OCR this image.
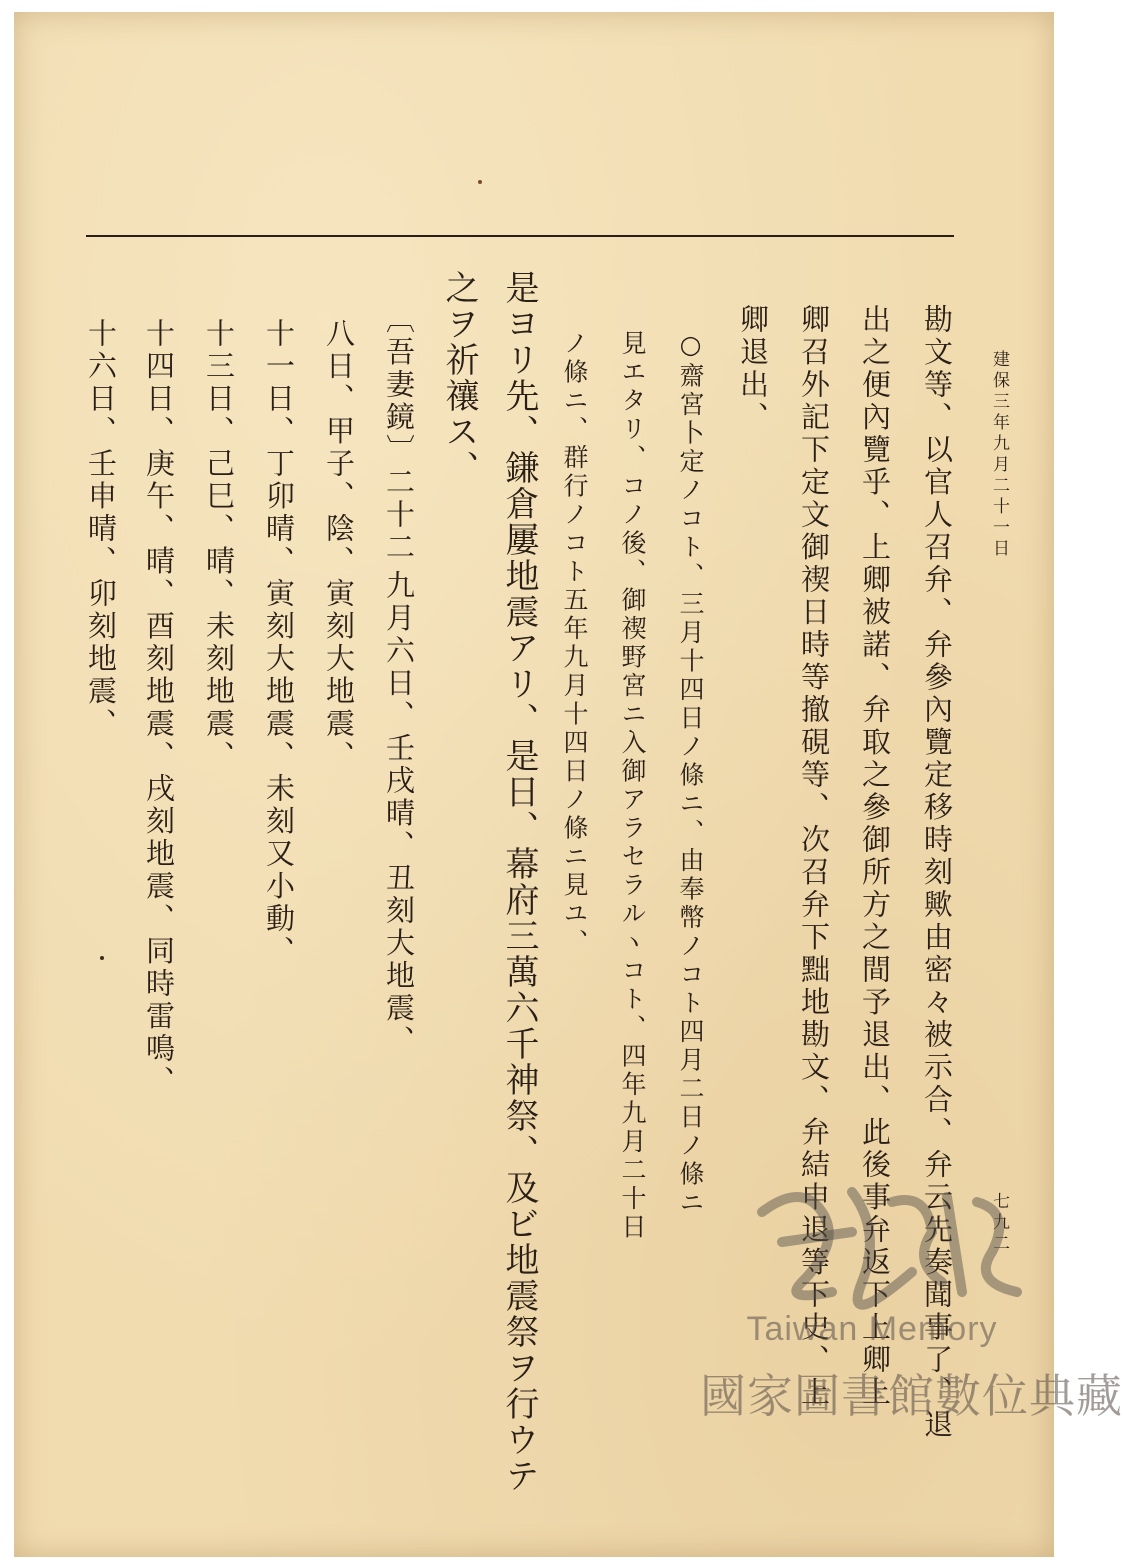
建保三年九月二十一日
七九二
勘文等、以官人召弁、弁參內覽定移時刻歟由密々被示合、弁云先奏聞事了、退
出之便內覽乎、上卿被諾、弁取之參御所方之間予退出、此後事弁返下上卿上
卿召外記下定文御禊日時等撤硯等、次召弁下黜地勘文、弁結申退等下史、上
卿退出、
○齋宮卜定ノコト、三月十四日ノ條ニ、由奉幣ノコト四月二日ノ條ニ
見エタリ、コノ後、御禊野宮ニ入御アラセラルヽコト、四年九月二十日
ノ條ニ、群行ノコト五年九月十四日ノ條ニ見ユ、
是ヨリ先、鎌倉屢地震アリ、是日、幕府三萬六千神祭、及ビ地震祭ヲ行ウテ
之ヲ祈禳ス、
〔吾妻鏡〕二十二
九月六日、壬戌晴、丑刻大地震、
八日、甲子、陰、寅刻大地震、
十一日、丁卯晴、寅刻大地震、未刻又小動、
十三日、己巳、晴、未刻地震、
十四日、庚午、晴、酉刻地震、戌刻地震、同時雷鳴、
十六日、壬申晴、卯刻地震、
Taiwan Memory
國家圖書館數位典藏
